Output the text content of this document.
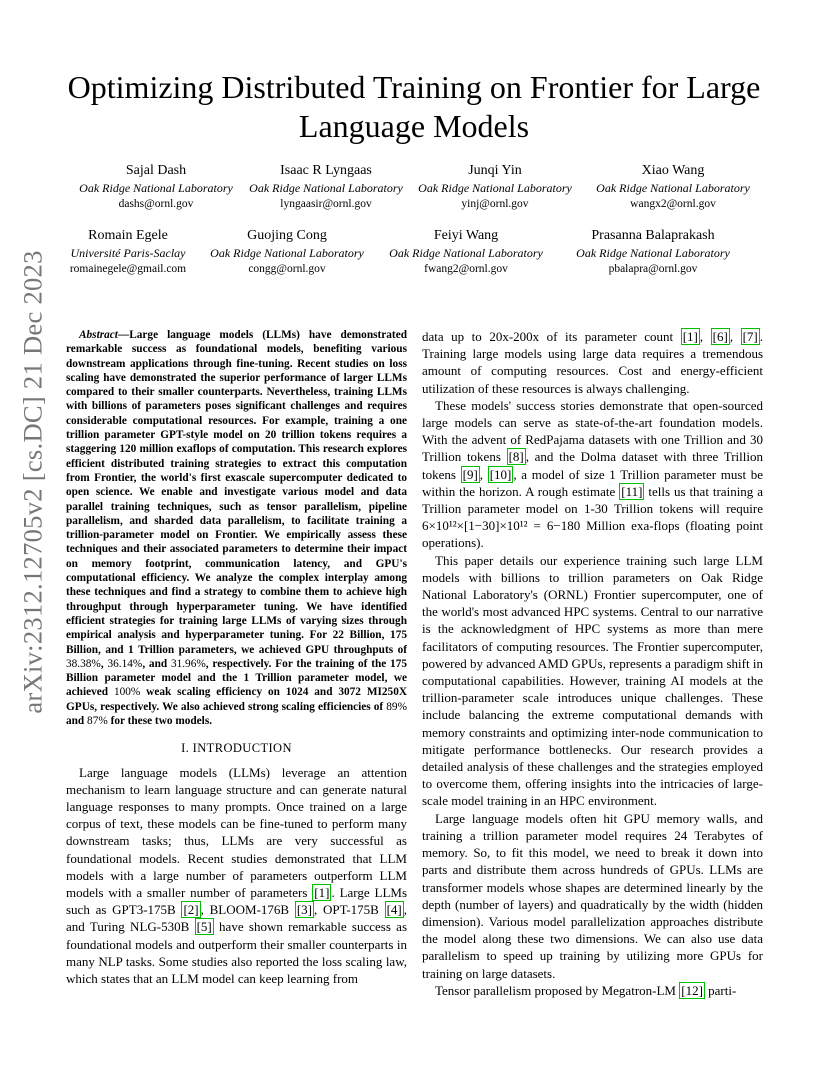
arXiv:2312.12705v2 [cs.DC] 21 Dec 2023
Optimizing Distributed Training on Frontier for Large Language Models
Sajal Dash
Oak Ridge National Laboratory
dashs@ornl.gov
Isaac R Lyngaas
Oak Ridge National Laboratory
lyngaasir@ornl.gov
Junqi Yin
Oak Ridge National Laboratory
yinj@ornl.gov
Xiao Wang
Oak Ridge National Laboratory
wangx2@ornl.gov
Romain Egele
Université Paris-Saclay
romainegele@gmail.com
Guojing Cong
Oak Ridge National Laboratory
congg@ornl.gov
Feiyi Wang
Oak Ridge National Laboratory
fwang2@ornl.gov
Prasanna Balaprakash
Oak Ridge National Laboratory
pbalapra@ornl.gov

Abstract—Large language models (LLMs) have demonstrated remarkable success as foundational models, benefiting various downstream applications through fine-tuning. Recent studies on loss scaling have demonstrated the superior performance of larger LLMs compared to their smaller counterparts. Nevertheless, training LLMs with billions of parameters poses significant challenges and requires considerable computational resources. For example, training a one trillion parameter GPT-style model on 20 trillion tokens requires a staggering 120 million exaflops of computation. This research explores efficient distributed training strategies to extract this computation from Frontier, the world's first exascale supercomputer dedicated to open science. We enable and investigate various model and data parallel training techniques, such as tensor parallelism, pipeline parallelism, and sharded data parallelism, to facilitate training a trillion-parameter model on Frontier. We empirically assess these techniques and their associated parameters to determine their impact on memory footprint, communication latency, and GPU's computational efficiency. We analyze the complex interplay among these techniques and find a strategy to combine them to achieve high throughput through hyperparameter tuning. We have identified efficient strategies for training large LLMs of varying sizes through empirical analysis and hyperparameter tuning. For 22 Billion, 175 Billion, and 1 Trillion parameters, we achieved GPU throughputs of 38.38%, 36.14%, and 31.96%, respectively. For the training of the 175 Billion parameter model and the 1 Trillion parameter model, we achieved 100% weak scaling efficiency on 1024 and 3072 MI250X GPUs, respectively. We also achieved strong scaling efficiencies of 89% and 87% for these two models.

I. INTRODUCTION

Large language models (LLMs) leverage an attention mechanism to learn language structure and can generate natural language responses to many prompts. Once trained on a large corpus of text, these models can be fine-tuned to perform many downstream tasks; thus, LLMs are very successful as foundational models. Recent studies demonstrated that LLM models with a large number of parameters outperform LLM models with a smaller number of parameters [1] . Large LLMs such as GPT3-175B [2] , BLOOM-176B [3] , OPT-175B [4] , and Turing NLG-530B [5] have shown remarkable success as foundational models and outperform their smaller counterparts in many NLP tasks. Some studies also reported the loss scaling law, which states that an LLM model can keep learning from

data up to 20x-200x of its parameter count [1] , [6] , [7] . Training large models using large data requires a tremendous amount of computing resources. Cost and energy-efficient utilization of these resources is always challenging.

These models' success stories demonstrate that open-sourced large models can serve as state-of-the-art foundation models. With the advent of RedPajama datasets with one Trillion and 30 Trillion tokens [8] , and the Dolma dataset with three Trillion tokens [9] , [10] , a model of size 1 Trillion parameter must be within the horizon. A rough estimate [11] tells us that training a Trillion parameter model on 1-30 Trillion tokens will require 6×10¹²×[1−30]×10¹² = 6−180 Million exa-flops (floating point operations).

This paper details our experience training such large LLM models with billions to trillion parameters on Oak Ridge National Laboratory's (ORNL) Frontier supercomputer, one of the world's most advanced HPC systems. Central to our narrative is the acknowledgment of HPC systems as more than mere facilitators of computing resources. The Frontier supercomputer, powered by advanced AMD GPUs, represents a paradigm shift in computational capabilities. However, training AI models at the trillion-parameter scale introduces unique challenges. These include balancing the extreme computational demands with memory constraints and optimizing inter-node communication to mitigate performance bottlenecks. Our research provides a detailed analysis of these challenges and the strategies employed to overcome them, offering insights into the intricacies of large-scale model training in an HPC environment.

Large language models often hit GPU memory walls, and training a trillion parameter model requires 24 Terabytes of memory. So, to fit this model, we need to break it down into parts and distribute them across hundreds of GPUs. LLMs are transformer models whose shapes are determined linearly by the depth (number of layers) and quadratically by the width (hidden dimension). Various model parallelization approaches distribute the model along these two dimensions. We can also use data parallelism to speed up training by utilizing more GPUs for training on large datasets.

Tensor parallelism proposed by Megatron-LM [12] parti-
